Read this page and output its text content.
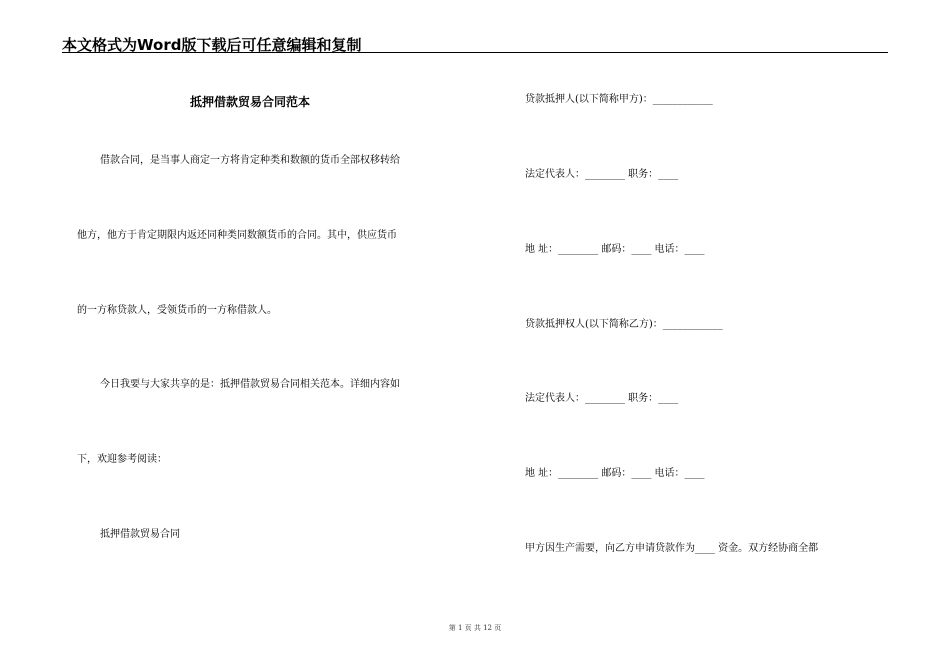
本文格式为Word版下载后可任意编辑和复制
抵押借款贸易合同范本
借款合同，是当事人商定一方将肯定种类和数额的货币全部权移转给
他方，他方于肯定期限内返还同种类同数额货币的合同。其中，供应货币
的一方称贷款人，受领货币的一方称借款人。
今日我要与大家共享的是：抵押借款贸易合同相关范本。详细内容如
下，欢迎参考阅读：
抵押借款贸易合同
贷款抵押人(以下简称甲方)：____________
法定代表人：________ 职务：____
地 址：________ 邮码：____ 电话：____
贷款抵押权人(以下简称乙方)：____________
法定代表人：________ 职务：____
地 址：________ 邮码：____ 电话：____
甲方因生产需要，向乙方申请贷款作为____ 资金。双方经协商全都
第 1 页 共 12 页
